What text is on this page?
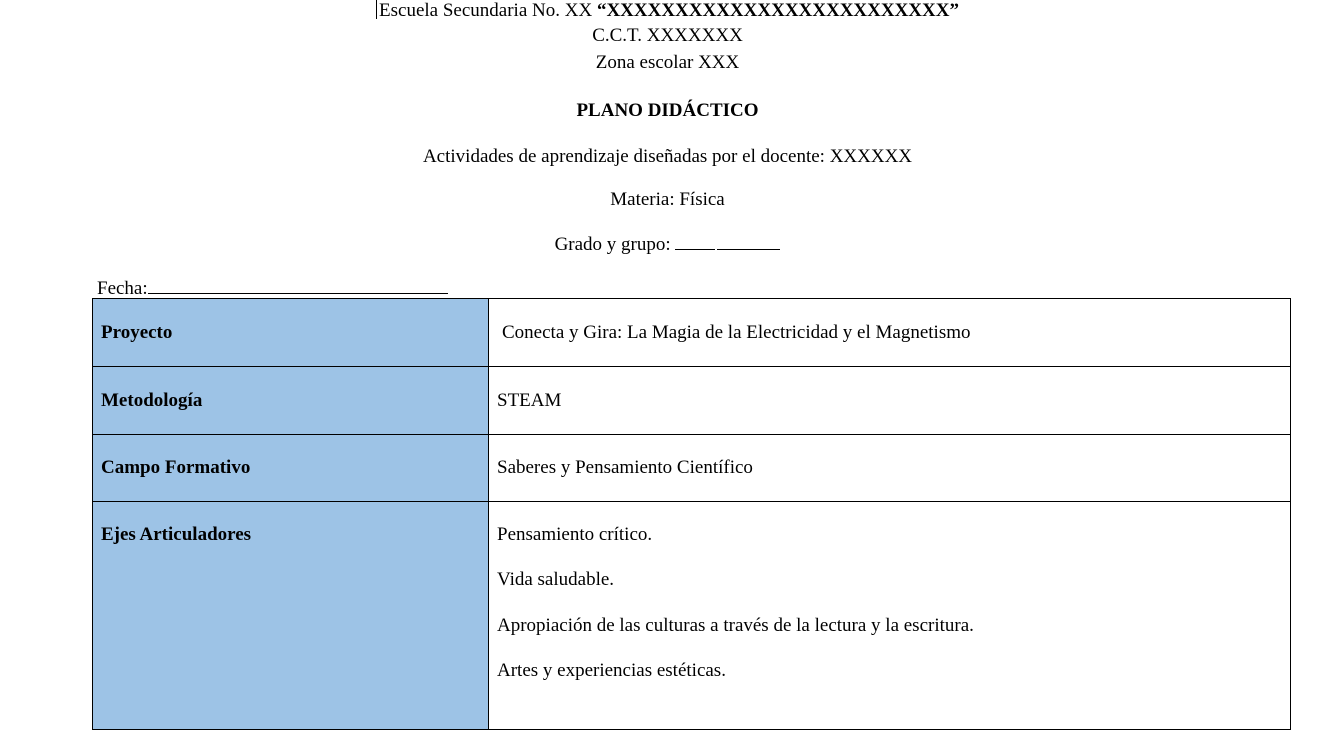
Escuela Secundaria No. XX “XXXXXXXXXXXXXXXXXXXXXXXXX”
C.C.T. XXXXXXX
Zona escolar XXX
PLANO DIDÁCTICO
Actividades de aprendizaje diseñadas por el docente: XXXXXX
Materia: Física
Grado y grupo:
Fecha:
Proyecto	Conecta y Gira: La Magia de la Electricidad y el Magnetismo
Metodología	STEAM
Campo Formativo	Saberes y Pensamiento Científico
Ejes Articuladores	Pensamiento crítico.
Vida saludable.
Apropiación de las culturas a través de la lectura y la escritura.
Artes y experiencias estéticas.
